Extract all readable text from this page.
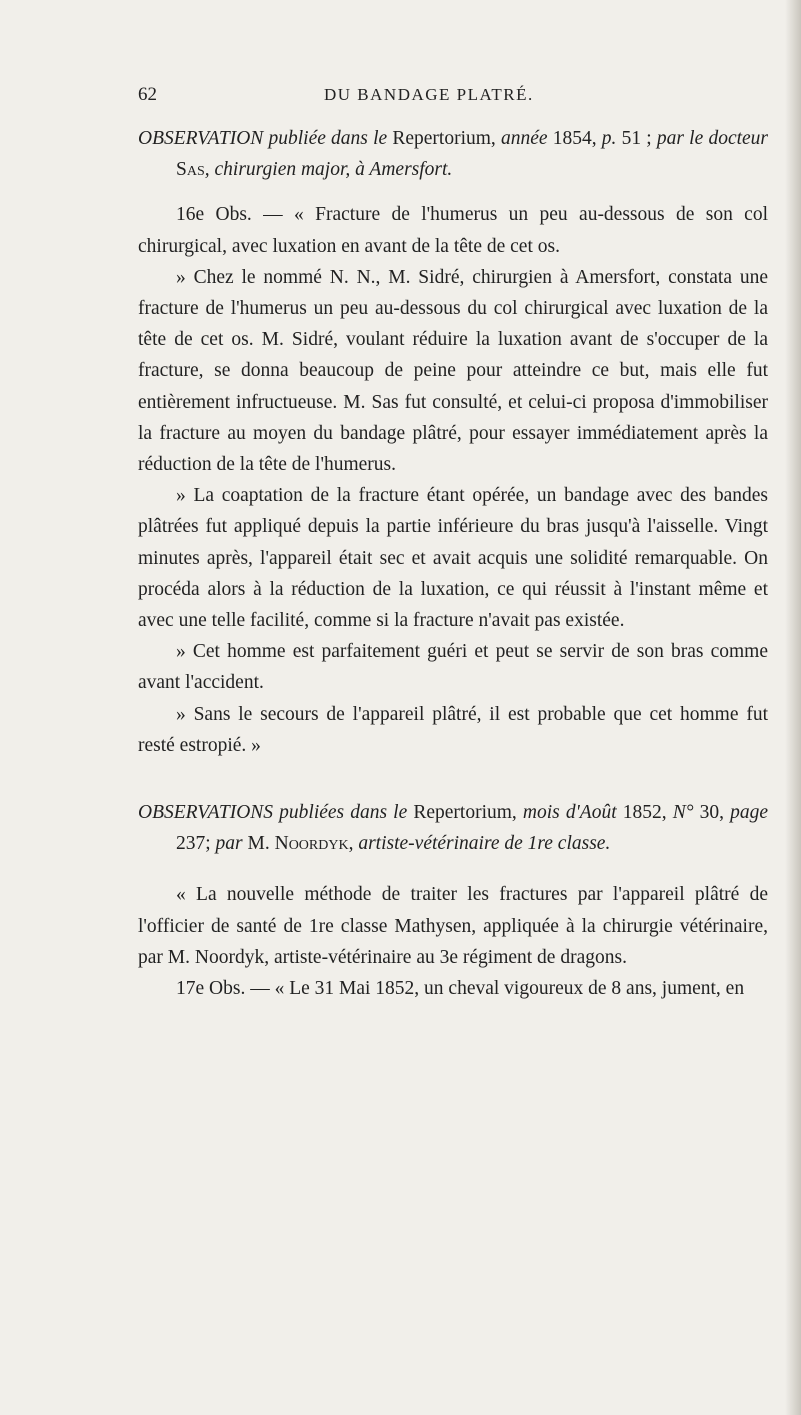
62	DU BANDAGE PLATRÉ.

OBSERVATION publiée dans le Repertorium, année 1854, p. 51 ; par le docteur Sas, chirurgien major, à Amersfort.

16e Obs. — « Fracture de l'humerus un peu au-dessous de son col chirurgical, avec luxation en avant de la tête de cet os.

» Chez le nommé N. N., M. Sidré, chirurgien à Amersfort, constata une fracture de l'humerus un peu au-dessous du col chirurgical avec luxation de la tête de cet os. M. Sidré, voulant réduire la luxation avant de s'occuper de la fracture, se donna beaucoup de peine pour atteindre ce but, mais elle fut entièrement infructueuse. M. Sas fut consulté, et celui-ci proposa d'immobiliser la fracture au moyen du bandage plâtré, pour essayer immédiatement après la réduction de la tête de l'humerus.

» La coaptation de la fracture étant opérée, un bandage avec des bandes plâtrées fut appliqué depuis la partie inférieure du bras jusqu'à l'aisselle. Vingt minutes après, l'appareil était sec et avait acquis une solidité remarquable. On procéda alors à la réduction de la luxation, ce qui réussit à l'instant même et avec une telle facilité, comme si la fracture n'avait pas existée.

» Cet homme est parfaitement guéri et peut se servir de son bras comme avant l'accident.

» Sans le secours de l'appareil plâtré, il est probable que cet homme fut resté estropié. »

OBSERVATIONS publiées dans le Repertorium, mois d'Août 1852, N° 30, page 237; par M. Noordyk, artiste-vétérinaire de 1re classe.

« La nouvelle méthode de traiter les fractures par l'appareil plâtré de l'officier de santé de 1re classe Mathysen, appliquée à la chirurgie vétérinaire, par M. Noordyk, artiste-vétérinaire au 3e régiment de dragons.

17e Obs. — « Le 31 Mai 1852, un cheval vigoureux de 8 ans, jument, en
